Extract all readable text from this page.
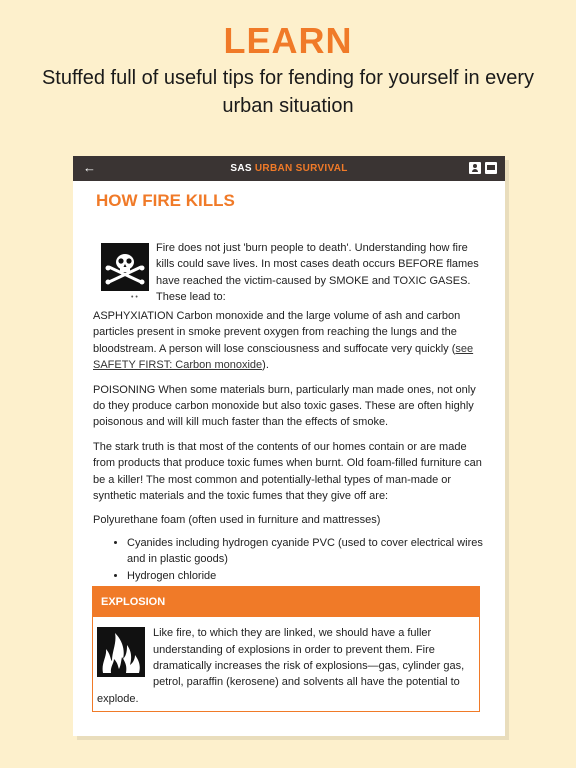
LEARN
Stuffed full of useful tips for fending for yourself in every urban situation
←	SAS URBAN SURVIVAL
HOW FIRE KILLS
• •

Fire does not just 'burn people to death'. Understanding how fire kills could save lives. In most cases death occurs BEFORE flames have reached the victim-caused by SMOKE and TOXIC GASES. These lead to:

ASPHYXIATION Carbon monoxide and the large volume of ash and carbon particles present in smoke prevent oxygen from reaching the lungs and the bloodstream. A person will lose consciousness and suffocate very quickly (see SAFETY FIRST: Carbon monoxide).

POISONING When some materials burn, particularly man made ones, not only do they produce carbon monoxide but also toxic gases. These are often highly poisonous and will kill much faster than the effects of smoke.

The stark truth is that most of the contents of our homes contain or are made from products that produce toxic fumes when burnt. Old foam-filled furniture can be a killer! The most common and potentially-lethal types of man-made or synthetic materials and the toxic fumes that they give off are:

Polyurethane foam (often used in furniture and mattresses)

• Cyanides including hydrogen cyanide PVC (used to cover electrical wires and in plastic goods)
• Hydrogen chloride
EXPLOSION

Like fire, to which they are linked, we should have a fuller understanding of explosions in order to prevent them. Fire dramatically increases the risk of explosions—gas, cylinder gas, petrol, paraffin (kerosene) and solvents all have the potential to explode.
